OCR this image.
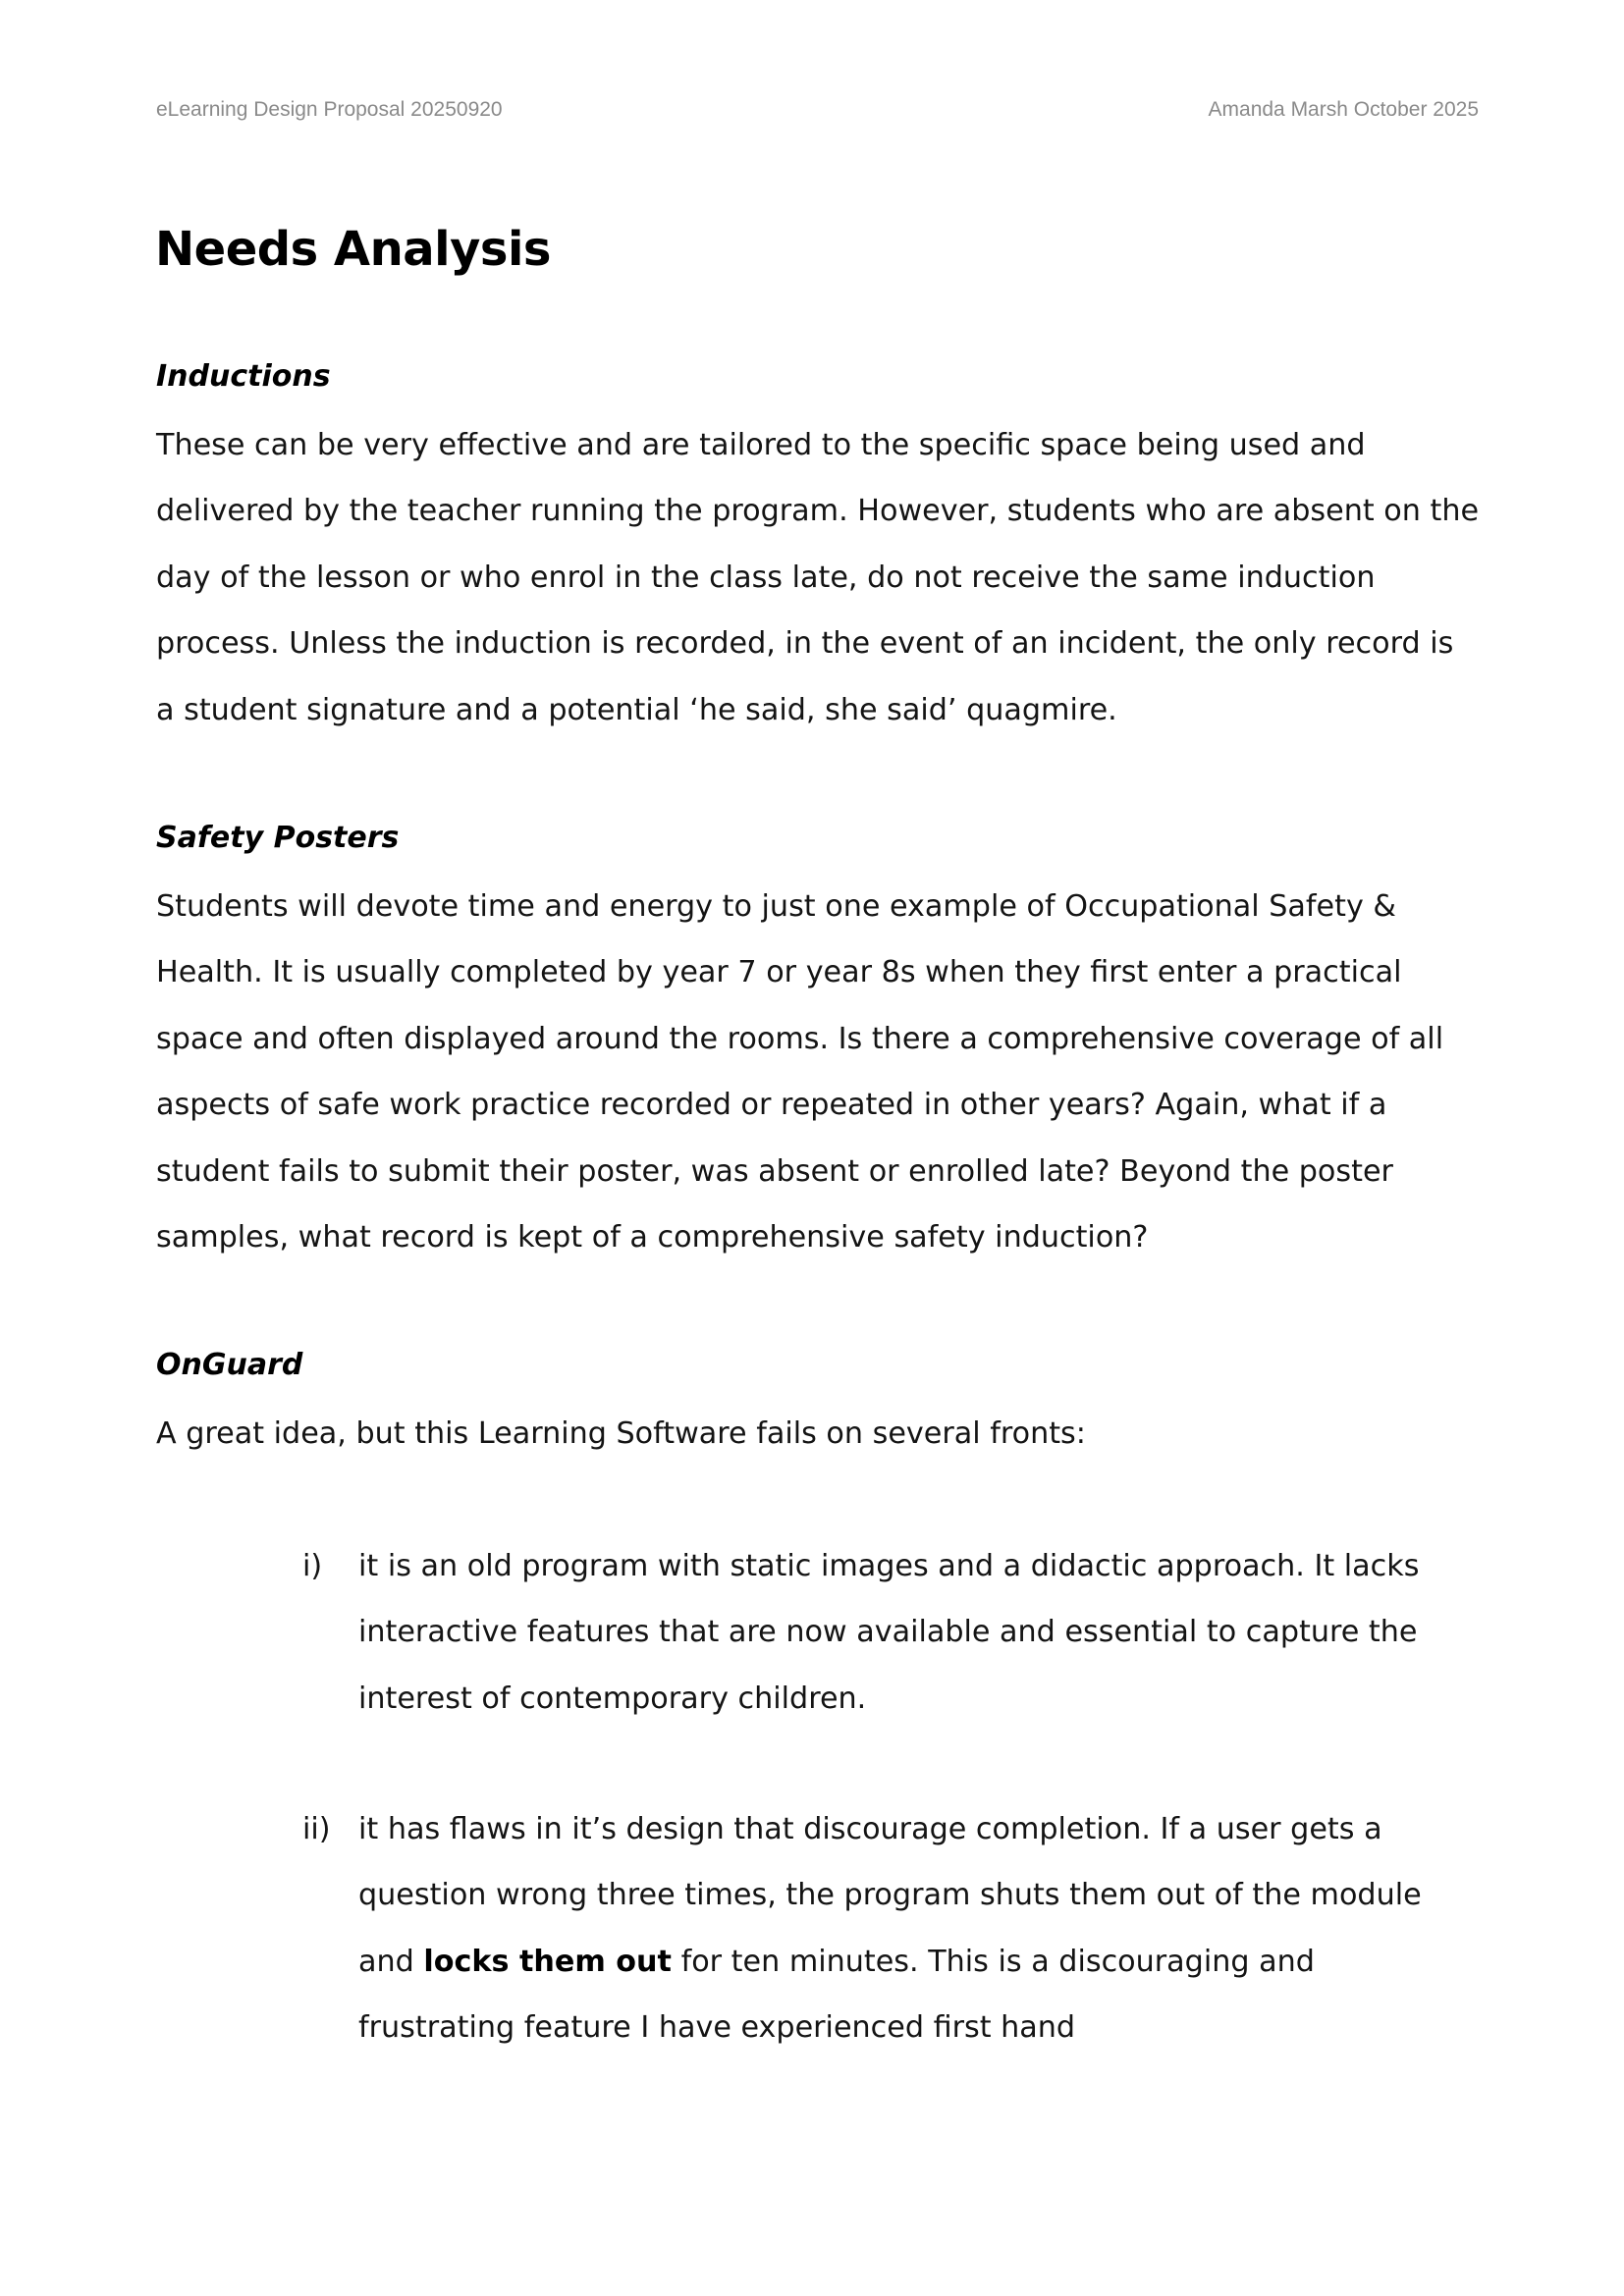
eLearning Design Proposal 20250920	Amanda Marsh October 2025
Needs Analysis
Inductions

These can be very effective and are tailored to the specific space being used and delivered by the teacher running the program. However, students who are absent on the day of the lesson or who enrol in the class late, do not receive the same induction process. Unless the induction is recorded, in the event of an incident, the only record is a student signature and a potential ‘he said, she said’ quagmire.

Safety Posters

Students will devote time and energy to just one example of Occupational Safety & Health. It is usually completed by year 7 or year 8s when they first enter a practical space and often displayed around the rooms. Is there a comprehensive coverage of all aspects of safe work practice recorded or repeated in other years? Again, what if a student fails to submit their poster, was absent or enrolled late? Beyond the poster samples, what record is kept of a comprehensive safety induction?

OnGuard

A great idea, but this Learning Software fails on several fronts:

i) it is an old program with static images and a didactic approach. It lacks interactive features that are now available and essential to capture the interest of contemporary children.

ii) it has flaws in it’s design that discourage completion. If a user gets a question wrong three times, the program shuts them out of the module and locks them out for ten minutes. This is a discouraging and frustrating feature I have experienced first hand
